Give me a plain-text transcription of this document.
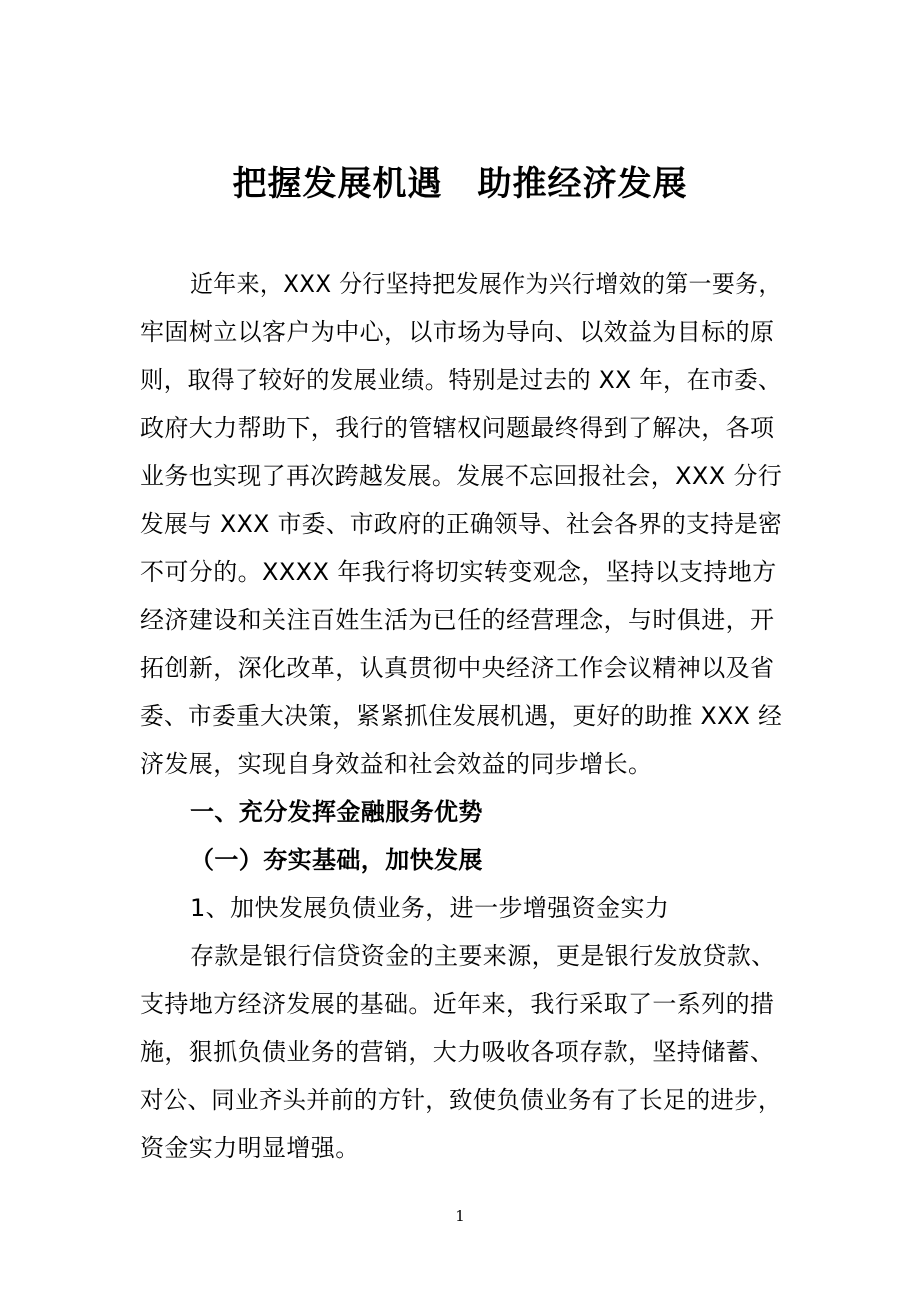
把握发展机遇　助推经济发展
近年来，XXX 分行坚持把发展作为兴行增效的第一要务，
牢固树立以客户为中心，以市场为导向、以效益为目标的原
则，取得了较好的发展业绩。特别是过去的 XX 年，在市委、
政府大力帮助下，我行的管辖权问题最终得到了解决，各项
业务也实现了再次跨越发展。发展不忘回报社会，XXX 分行
发展与 XXX 市委、市政府的正确领导、社会各界的支持是密
不可分的。XXXX 年我行将切实转变观念，坚持以支持地方
经济建设和关注百姓生活为已任的经营理念，与时俱进，开
拓创新，深化改革，认真贯彻中央经济工作会议精神以及省
委、市委重大决策，紧紧抓住发展机遇，更好的助推 XXX 经
济发展，实现自身效益和社会效益的同步增长。
一、充分发挥金融服务优势
（一）夯实基础，加快发展
1、加快发展负债业务，进一步增强资金实力
存款是银行信贷资金的主要来源，更是银行发放贷款、
支持地方经济发展的基础。近年来，我行采取了一系列的措
施，狠抓负债业务的营销，大力吸收各项存款，坚持储蓄、
对公、同业齐头并前的方针，致使负债业务有了长足的进步，
资金实力明显增强。
1
